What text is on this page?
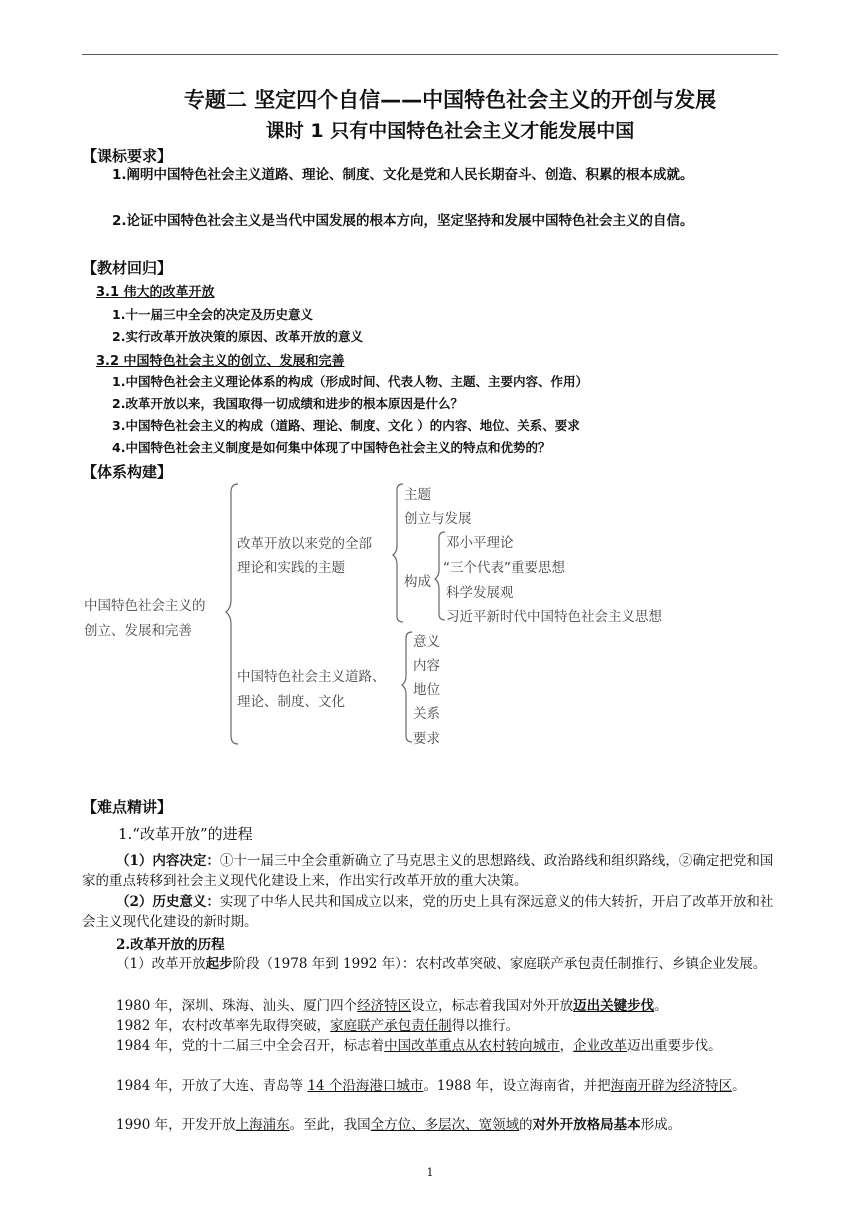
专题二 坚定四个自信——中国特色社会主义的开创与发展
课时 1 只有中国特色社会主义才能发展中国
【课标要求】
1.阐明中国特色社会主义道路、理论、制度、文化是党和人民长期奋斗、创造、积累的根本成就。
2.论证中国特色社会主义是当代中国发展的根本方向，坚定坚持和发展中国特色社会主义的自信。
【教材回归】
3.1 伟大的改革开放
1.十一届三中全会的决定及历史意义
2.实行改革开放决策的原因、改革开放的意义
3.2 中国特色社会主义的创立、发展和完善
1.中国特色社会主义理论体系的构成（形成时间、代表人物、主题、主要内容、作用）
2.改革开放以来，我国取得一切成绩和进步的根本原因是什么？
3.中国特色社会主义的构成（道路、理论、制度、文化 ）的内容、地位、关系、要求
4.中国特色社会主义制度是如何集中体现了中国特色社会主义的特点和优势的？
【体系构建】
中国特色社会主义的
创立、发展和完善
改革开放以来党的全部
理论和实践的主题
主题
创立与发展
构成
邓小平理论
“三个代表”重要思想
科学发展观
习近平新时代中国特色社会主义思想
中国特色社会主义道路、
理论、制度、文化
意义
内容
地位
关系
要求
【难点精讲】
1.“改革开放”的进程
（1）内容决定：①十一届三中全会重新确立了马克思主义的思想路线、政治路线和组织路线，②确定把党和国家的重点转移到社会主义现代化建设上来，作出实行改革开放的重大决策。
（2）历史意义：实现了中华人民共和国成立以来，党的历史上具有深远意义的伟大转折，开启了改革开放和社会主义现代化建设的新时期。
2.改革开放的历程
（1）改革开放起步阶段（1978 年到 1992 年）：农村改革突破、家庭联产承包责任制推行、乡镇企业发展。
1980 年，深圳、珠海、汕头、厦门四个经济特区设立，标志着我国对外开放迈出关键步伐。
1982 年，农村改革率先取得突破，家庭联产承包责任制得以推行。
1984 年，党的十二届三中全会召开，标志着中国改革重点从农村转向城市，企业改革迈出重要步伐。
1984 年，开放了大连、青岛等 14 个沿海港口城市。1988 年，设立海南省，并把海南开辟为经济特区。
1990 年，开发开放上海浦东。至此，我国全方位、多层次、宽领域的对外开放格局基本形成。
1
